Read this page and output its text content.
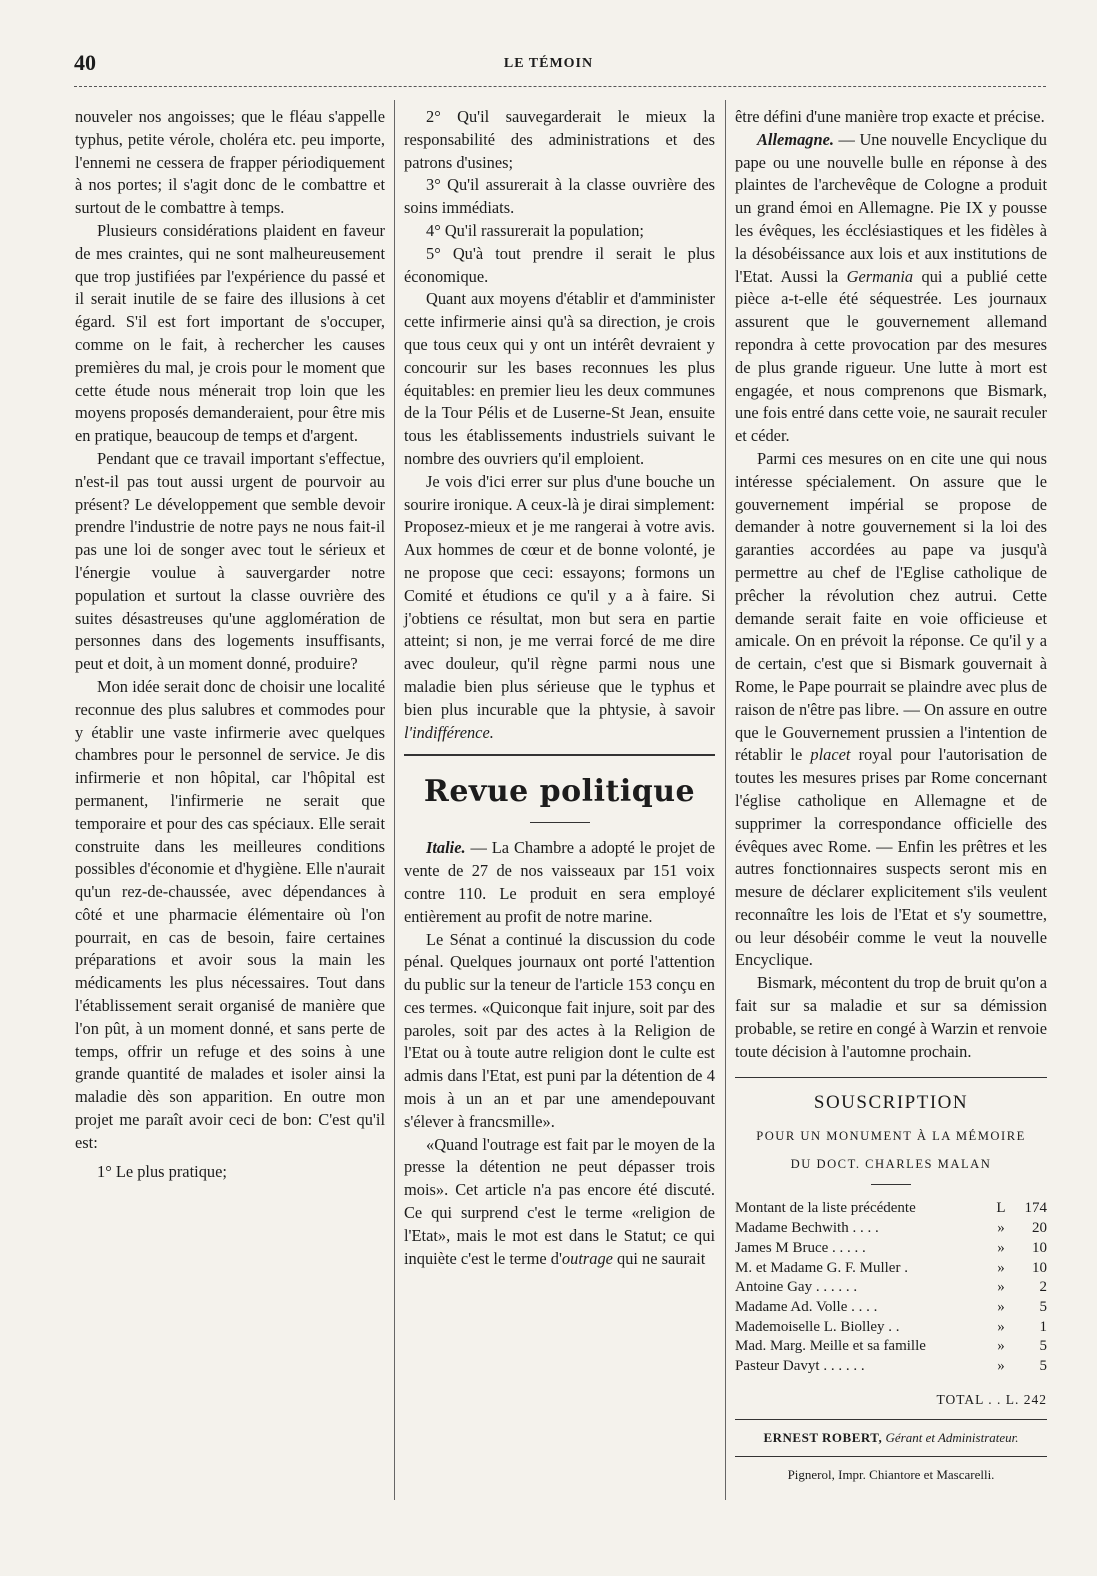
40	LE TÉMOIN

nouveler nos angoisses; que le fléau s'appelle typhus, petite vérole, choléra etc. peu importe, l'ennemi ne cessera de frapper périodiquement à nos portes; il s'agit donc de le combattre et surtout de le combattre à temps.

Plusieurs considérations plaident en faveur de mes craintes, qui ne sont malheureusement que trop justifiées par l'expérience du passé et il serait inutile de se faire des illusions à cet égard. S'il est fort important de s'occuper, comme on le fait, à rechercher les causes premières du mal, je crois pour le moment que cette étude nous ménerait trop loin que les moyens proposés demanderaient, pour être mis en pratique, beaucoup de temps et d'argent.

Pendant que ce travail important s'effectue, n'est-il pas tout aussi urgent de pourvoir au présent? Le développement que semble devoir prendre l'industrie de notre pays ne nous fait-il pas une loi de songer avec tout le sérieux et l'énergie voulue à sauvergarder notre population et surtout la classe ouvrière des suites désastreuses qu'une agglomération de personnes dans des logements insuffisants, peut et doit, à un moment donné, produire?

Mon idée serait donc de choisir une localité reconnue des plus salubres et commodes pour y établir une vaste infirmerie avec quelques chambres pour le personnel de service. Je dis infirmerie et non hôpital, car l'hôpital est permanent, l'infirmerie ne serait que temporaire et pour des cas spéciaux. Elle serait construite dans les meilleures conditions possibles d'économie et d'hygiène. Elle n'aurait qu'un rez-de-chaussée, avec dépendances à côté et une pharmacie élémentaire où l'on pourrait, en cas de besoin, faire certaines préparations et avoir sous la main les médicaments les plus nécessaires. Tout dans l'établissement serait organisé de manière que l'on pût, à un moment donné, et sans perte de temps, offrir un refuge et des soins à une grande quantité de malades et isoler ainsi la maladie dès son apparition. En outre mon projet me paraît avoir ceci de bon: C'est qu'il est:

1° Le plus pratique;

2° Qu'il sauvegarderait le mieux la responsabilité des administrations et des patrons d'usines;

3° Qu'il assurerait à la classe ouvrière des soins immédiats.

4° Qu'il rassurerait la population;

5° Qu'à tout prendre il serait le plus économique.

Quant aux moyens d'établir et d'amminister cette infirmerie ainsi qu'à sa direction, je crois que tous ceux qui y ont un intérêt devraient y concourir sur les bases reconnues les plus équitables: en premier lieu les deux communes de la Tour Pélis et de Luserne-St Jean, ensuite tous les établissements industriels suivant le nombre des ouvriers qu'il emploient.

Je vois d'ici errer sur plus d'une bouche un sourire ironique. A ceux-là je dirai simplement: Proposez-mieux et je me rangerai à votre avis. Aux hommes de cœur et de bonne volonté, je ne propose que ceci: essayons; formons un Comité et étudions ce qu'il y a à faire. Si j'obtiens ce résultat, mon but sera en partie atteint; si non, je me verrai forcé de me dire avec douleur, qu'il règne parmi nous une maladie bien plus sérieuse que le typhus et bien plus incurable que la phtysie, à savoir l'indifférence.

Revue politique

Italie. — La Chambre a adopté le projet de vente de 27 de nos vaisseaux par 151 voix contre 110. Le produit en sera employé entièrement au profit de notre marine.

Le Sénat a continué la discussion du code pénal. Quelques journaux ont porté l'attention du public sur la teneur de l'article 153 conçu en ces termes. «Quiconque fait injure, soit par des paroles, soit par des actes à la Religion de l'Etat ou à toute autre religion dont le culte est admis dans l'Etat, est puni par la détention de 4 mois à un an et par une amendepouvant s'élever à francsmille».

«Quand l'outrage est fait par le moyen de la presse la détention ne peut dépasser trois mois». Cet article n'a pas encore été discuté. Ce qui surprend c'est le terme «religion de l'Etat», mais le mot est dans le Statut; ce qui inquiète c'est le terme d'outrage qui ne saurait

être défini d'une manière trop exacte et précise.

Allemagne. — Une nouvelle Encyclique du pape ou une nouvelle bulle en réponse à des plaintes de l'archevêque de Cologne a produit un grand émoi en Allemagne. Pie IX y pousse les évêques, les écclésiastiques et les fidèles à la désobéissance aux lois et aux institutions de l'Etat. Aussi la Germania qui a publié cette pièce a-t-elle été séquestrée. Les journaux assurent que le gouvernement allemand repondra à cette provocation par des mesures de plus grande rigueur. Une lutte à mort est engagée, et nous comprenons que Bismark, une fois entré dans cette voie, ne saurait reculer et céder.

Parmi ces mesures on en cite une qui nous intéresse spécialement. On assure que le gouvernement impérial se propose de demander à notre gouvernement si la loi des garanties accordées au pape va jusqu'à permettre au chef de l'Eglise catholique de prêcher la révolution chez autrui. Cette demande serait faite en voie officieuse et amicale. On en prévoit la réponse. Ce qu'il y a de certain, c'est que si Bismark gouvernait à Rome, le Pape pourrait se plaindre avec plus de raison de n'être pas libre. — On assure en outre que le Gouvernement prussien a l'intention de rétablir le placet royal pour l'autorisation de toutes les mesures prises par Rome concernant l'église catholique en Allemagne et de supprimer la correspondance officielle des évêques avec Rome. — Enfin les prêtres et les autres fonctionnaires suspects seront mis en mesure de déclarer explicitement s'ils veulent reconnaître les lois de l'Etat et s'y soumettre, ou leur désobéir comme le veut la nouvelle Encyclique.

Bismark, mécontent du trop de bruit qu'on a fait sur sa maladie et sur sa démission probable, se retire en congé à Warzin et renvoie toute décision à l'automne prochain.

SOUSCRIPTION
POUR UN MONUMENT À LA MÉMOIRE
DU DOCT. CHARLES MALAN
Montant de la liste précédente	L	174
Madame Bechwith . . . .	»	20
James M Bruce . . . . .	»	10
M. et Madame G. F. Muller .	»	10
Antoine Gay . . . . . .	»	2
Madame Ad. Volle . . . .	»	5
Mademoiselle L. Biolley . .	»	1
Mad. Marg. Meille et sa famille	»	5
Pasteur Davyt . . . . . .	»	5
TOTAL . . L. 242
ERNEST ROBERT, Gérant et Administrateur.
Pignerol, Impr. Chiantore et Mascarelli.
